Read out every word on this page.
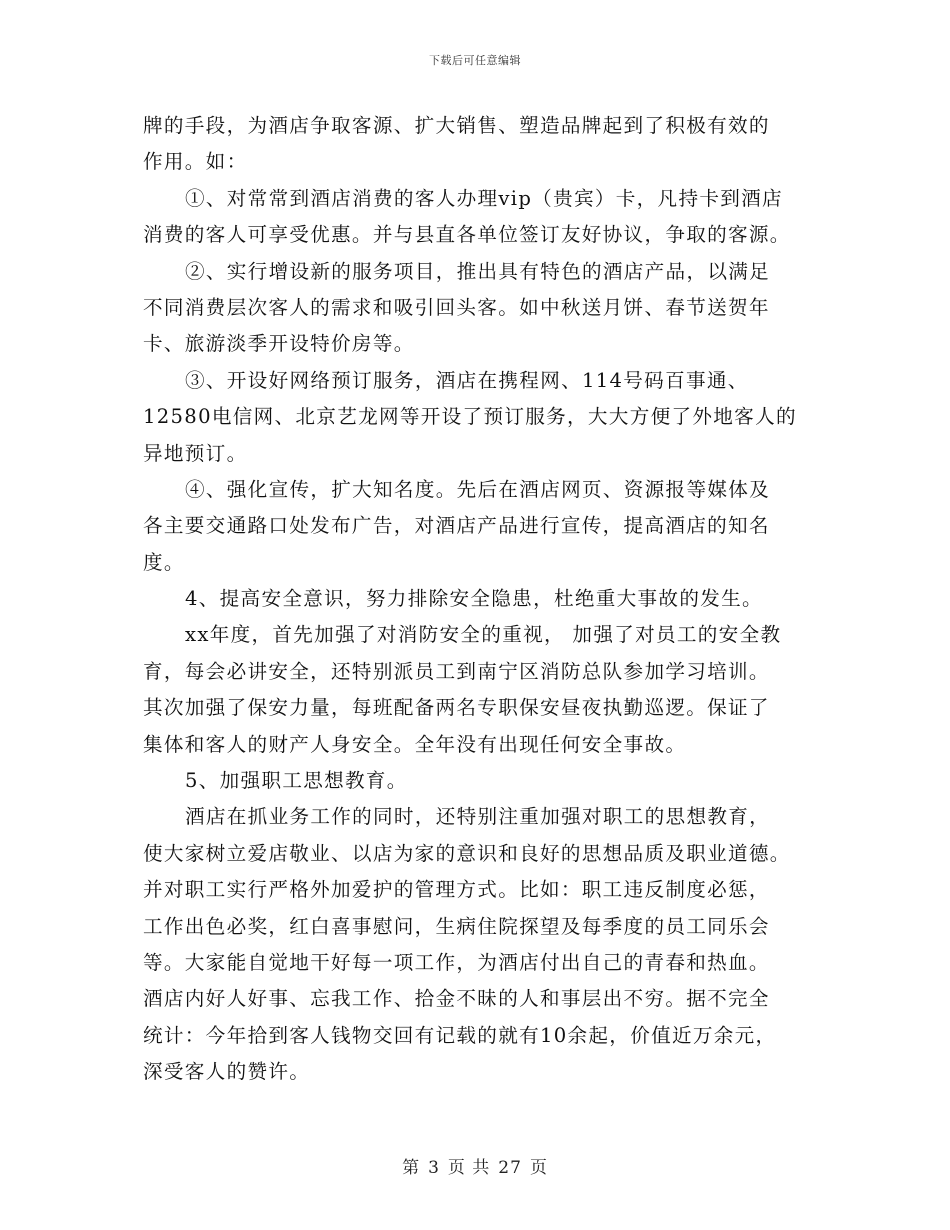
下载后可任意编辑
牌的手段，为酒店争取客源、扩大销售、塑造品牌起到了积极有效的
作用。如：
①、对常常到酒店消费的客人办理vip（贵宾）卡，凡持卡到酒店
消费的客人可享受优惠。并与县直各单位签订友好协议，争取的客源。
②、实行增设新的服务项目，推出具有特色的酒店产品，以满足
不同消费层次客人的需求和吸引回头客。如中秋送月饼、春节送贺年
卡、旅游淡季开设特价房等。
③、开设好网络预订服务，酒店在携程网、114号码百事通、
12580电信网、北京艺龙网等开设了预订服务，大大方便了外地客人的
异地预订。
④、强化宣传，扩大知名度。先后在酒店网页、资源报等媒体及
各主要交通路口处发布广告，对酒店产品进行宣传，提高酒店的知名
度。
4、提高安全意识，努力排除安全隐患，杜绝重大事故的发生。
xx年度，首先加强了对消防安全的重视， 加强了对员工的安全教
育，每会必讲安全，还特别派员工到南宁区消防总队参加学习培训。
其次加强了保安力量，每班配备两名专职保安昼夜执勤巡逻。保证了
集体和客人的财产人身安全。全年没有出现任何安全事故。
5、加强职工思想教育。
酒店在抓业务工作的同时，还特别注重加强对职工的思想教育，
使大家树立爱店敬业、以店为家的意识和良好的思想品质及职业道德。
并对职工实行严格外加爱护的管理方式。比如：职工违反制度必惩，
工作出色必奖，红白喜事慰问，生病住院探望及每季度的员工同乐会
等。大家能自觉地干好每一项工作，为酒店付出自己的青春和热血。
酒店内好人好事、忘我工作、拾金不昧的人和事层出不穷。据不完全
统计：今年拾到客人钱物交回有记载的就有10余起，价值近万余元，
深受客人的赞许。
第 3 页 共 27 页
